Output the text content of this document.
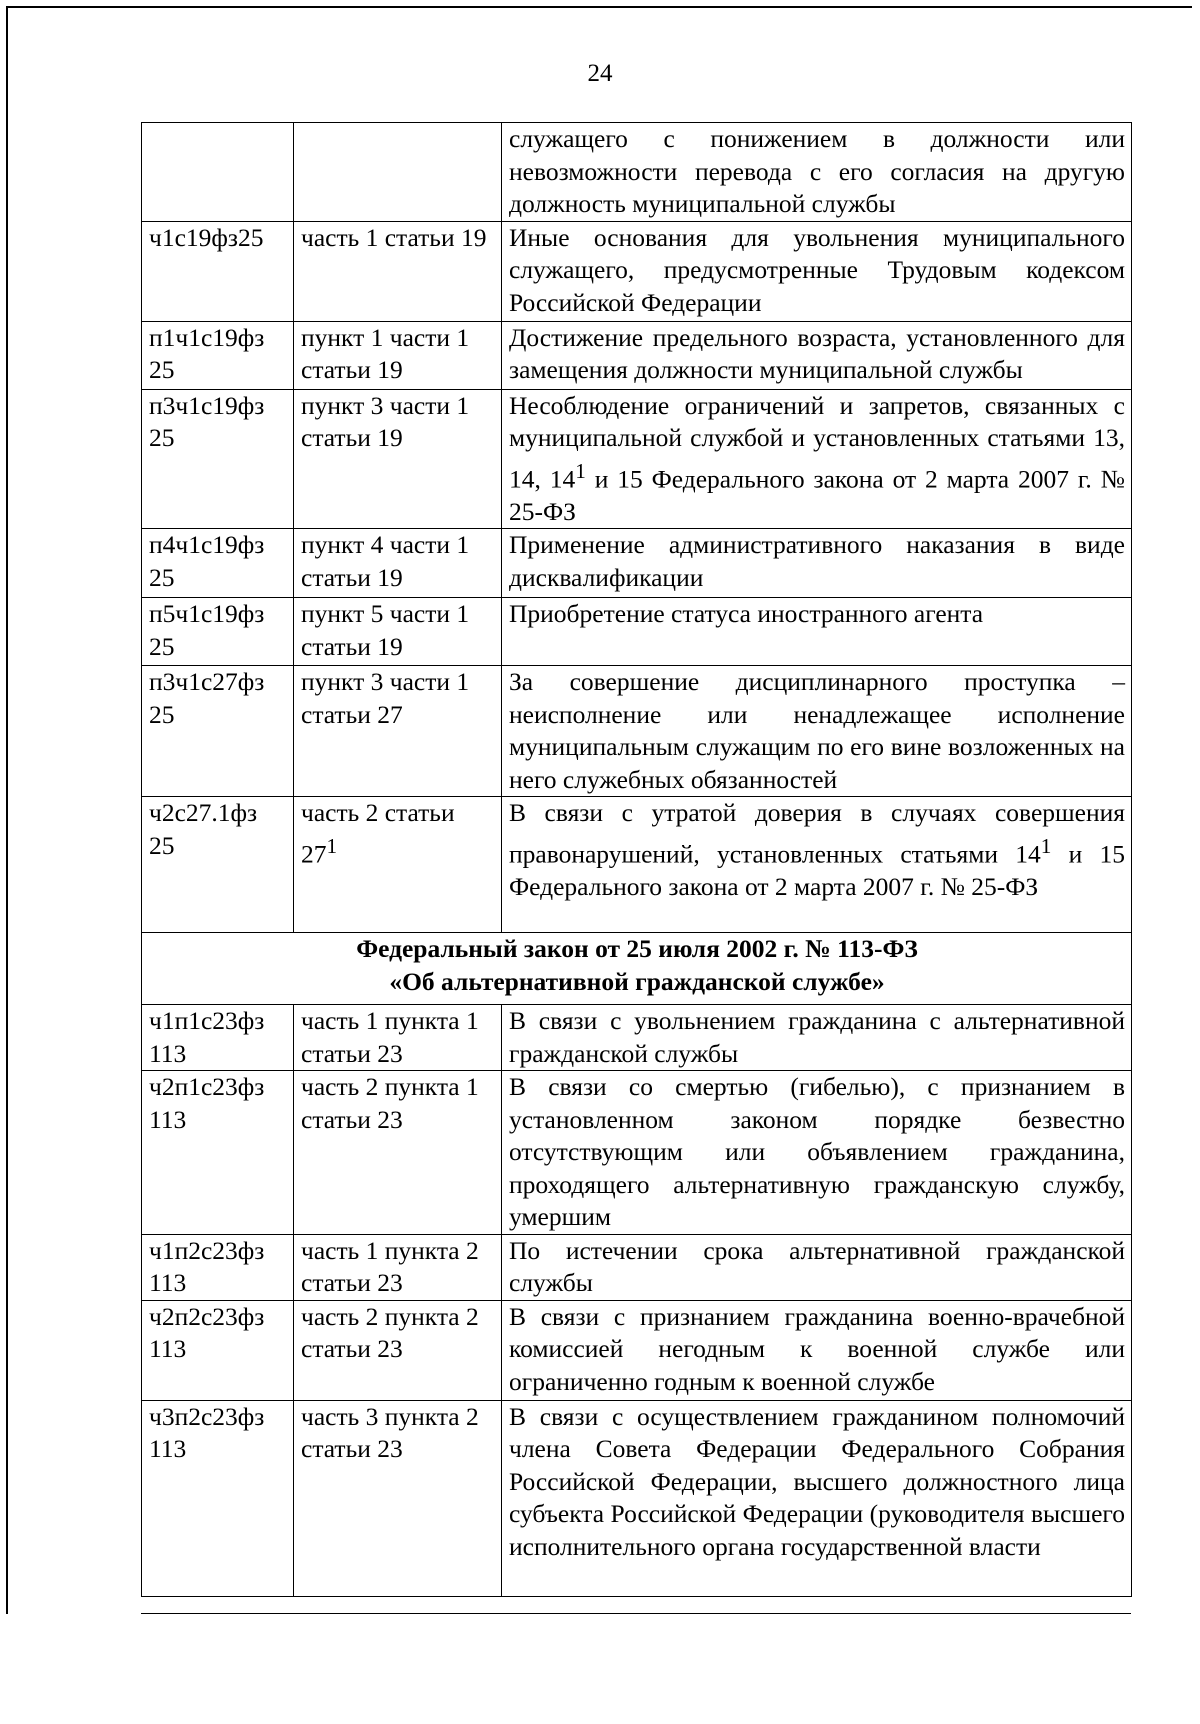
24
		служащего с понижением в должности или невозможности перевода с его согласия на другую должность муниципальной службы
ч1с19фз25	часть 1 статьи 19	Иные основания для увольнения муниципального служащего, предусмотренные Трудовым кодексом Российской Федерации
п1ч1с19фз 25	пункт 1 части 1 статьи 19	Достижение предельного возраста, установленного для замещения должности муниципальной службы
п3ч1с19фз 25	пункт 3 части 1 статьи 19	Несоблюдение ограничений и запретов, связанных с муниципальной службой и установленных статьями 13, 14, $14^1$ и 15 Федерального закона от 2 марта 2007 г. № 25-ФЗ
п4ч1с19фз 25	пункт 4 части 1 статьи 19	Применение административного наказания в виде дисквалификации
п5ч1с19фз 25	пункт 5 части 1 статьи 19	Приобретение статуса иностранного агента
п3ч1с27фз 25	пункт 3 части 1 статьи 27	За совершение дисциплинарного проступка – неисполнение или ненадлежащее исполнение муниципальным служащим по его вине возложенных на него служебных обязанностей
ч2с27.1фз 25	часть 2 статьи $27^1$	В связи с утратой доверия в случаях совершения правонарушений, установленных статьями $14^1$ и 15 Федерального закона от 2 марта 2007 г. № 25-ФЗ

Федеральный закон от 25 июля 2002 г. № 113-ФЗ
«Об альтернативной гражданской службе»		

ч1п1с23фз 113	часть 1 пункта 1 статьи 23	В связи с увольнением гражданина с альтернативной гражданской службы
ч2п1с23фз 113	часть 2 пункта 1 статьи 23	В связи со смертью (гибелью), с признанием в установленном законом порядке безвестно отсутствующим или объявлением гражданина, проходящего альтернативную гражданскую службу, умершим
ч1п2с23фз 113	часть 1 пункта 2 статьи 23	По истечении срока альтернативной гражданской службы
ч2п2с23фз 113	часть 2 пункта 2 статьи 23	В связи с признанием гражданина военно-врачебной комиссией негодным к военной службе или ограниченно годным к военной службе
ч3п2с23фз 113	часть 3 пункта 2 статьи 23	В связи с осуществлением гражданином полномочий члена Совета Федерации Федерального Собрания Российской Федерации, высшего должностного лица субъекта Российской Федерации (руководителя высшего исполнительного органа государственной власти
